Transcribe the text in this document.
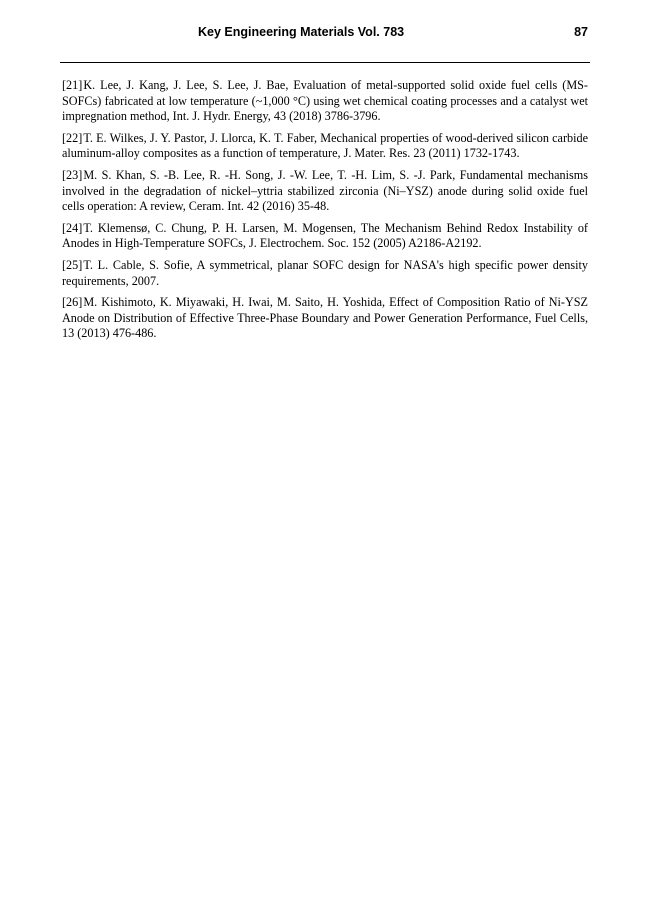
Key Engineering Materials Vol. 783	87

[21]K. Lee, J. Kang, J. Lee, S. Lee, J. Bae, Evaluation of metal-supported solid oxide fuel cells (MS-SOFCs) fabricated at low temperature (~1,000 °C) using wet chemical coating processes and a catalyst wet impregnation method, Int. J. Hydr. Energy, 43 (2018) 3786-3796.

[22]T. E. Wilkes, J. Y. Pastor, J. Llorca, K. T. Faber, Mechanical properties of wood-derived silicon carbide aluminum-alloy composites as a function of temperature, J. Mater. Res. 23 (2011) 1732-1743.

[23]M. S. Khan, S. -B. Lee, R. -H. Song, J. -W. Lee, T. -H. Lim, S. -J. Park, Fundamental mechanisms involved in the degradation of nickel–yttria stabilized zirconia (Ni–YSZ) anode during solid oxide fuel cells operation: A review, Ceram. Int. 42 (2016) 35-48.

[24]T. Klemensø, C. Chung, P. H. Larsen, M. Mogensen, The Mechanism Behind Redox Instability of Anodes in High-Temperature SOFCs, J. Electrochem. Soc. 152 (2005) A2186-A2192.

[25]T. L. Cable, S. Sofie, A symmetrical, planar SOFC design for NASA's high specific power density requirements, 2007.

[26]M. Kishimoto, K. Miyawaki, H. Iwai, M. Saito, H. Yoshida, Effect of Composition Ratio of Ni-YSZ Anode on Distribution of Effective Three-Phase Boundary and Power Generation Performance, Fuel Cells, 13 (2013) 476-486.
